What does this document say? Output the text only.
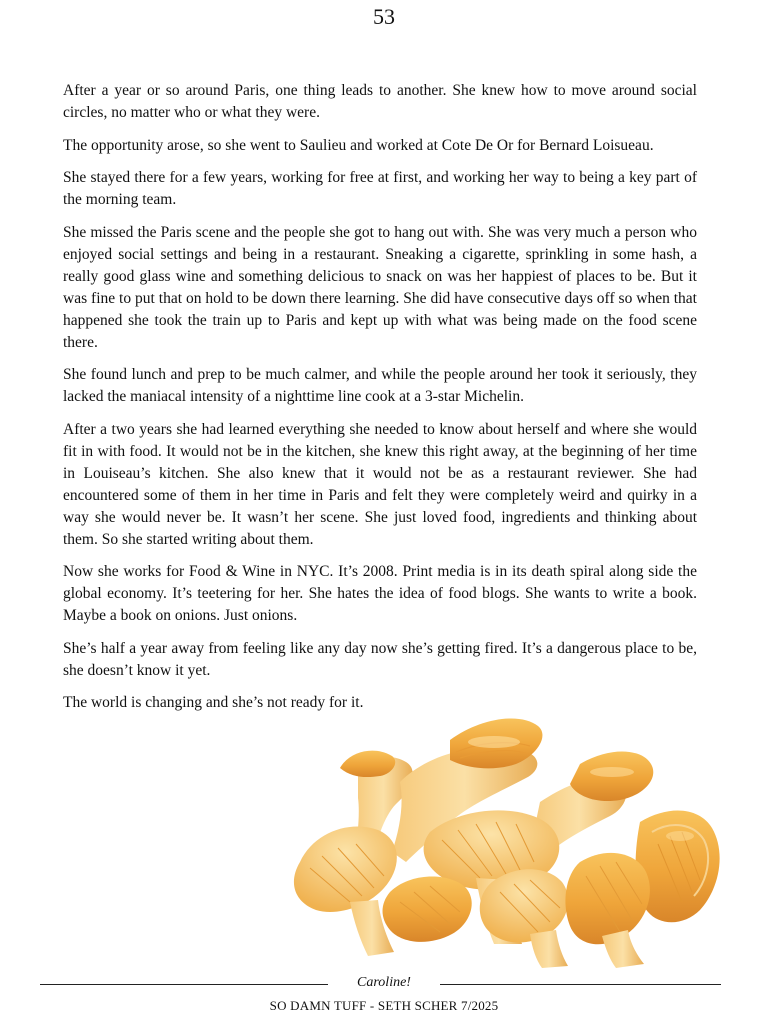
53

After a year or so around Paris, one thing leads to another. She knew how to move around social circles, no matter who or what they were.

The opportunity arose, so she went to Saulieu and worked at Cote De Or for Bernard Loisueau.

She stayed there for a few years, working for free at first, and working her way to being a key part of the morning team.

She missed the Paris scene and the people she got to hang out with. She was very much a person who enjoyed social settings and being in a restaurant. Sneaking a cigarette, sprinkling in some hash, a really good glass wine and something delicious to snack on was her happiest of places to be. But it was fine to put that on hold to be down there learning. She did have consecutive days off so when that happened she took the train up to Paris and kept up with what was being made on the food scene there.

She found lunch and prep to be much calmer, and while the people around her took it seriously, they lacked the maniacal intensity of a nighttime line cook at a 3-star Michelin.

After a two years she had learned everything she needed to know about herself and where she would fit in with food. It would not be in the kitchen, she knew this right away, at the beginning of her time in Louiseau’s kitchen. She also knew that it would not be as a restaurant reviewer. She had encountered some of them in her time in Paris and felt they were completely weird and quirky in a way she would never be. It wasn’t her scene. She just loved food, ingredients and thinking about them. So she started writing about them.

Now she works for Food & Wine in NYC. It’s 2008. Print media is in its death spiral along side the global economy. It’s teetering for her. She hates the idea of food blogs. She wants to write a book. Maybe a book on onions. Just onions.

She’s half a year away from feeling like any day now she’s getting fired. It’s a dangerous place to be, she doesn’t know it yet.

The world is changing and she’s not ready for it.

Caroline!
SO DAMN TUFF - SETH SCHER 7/2025
